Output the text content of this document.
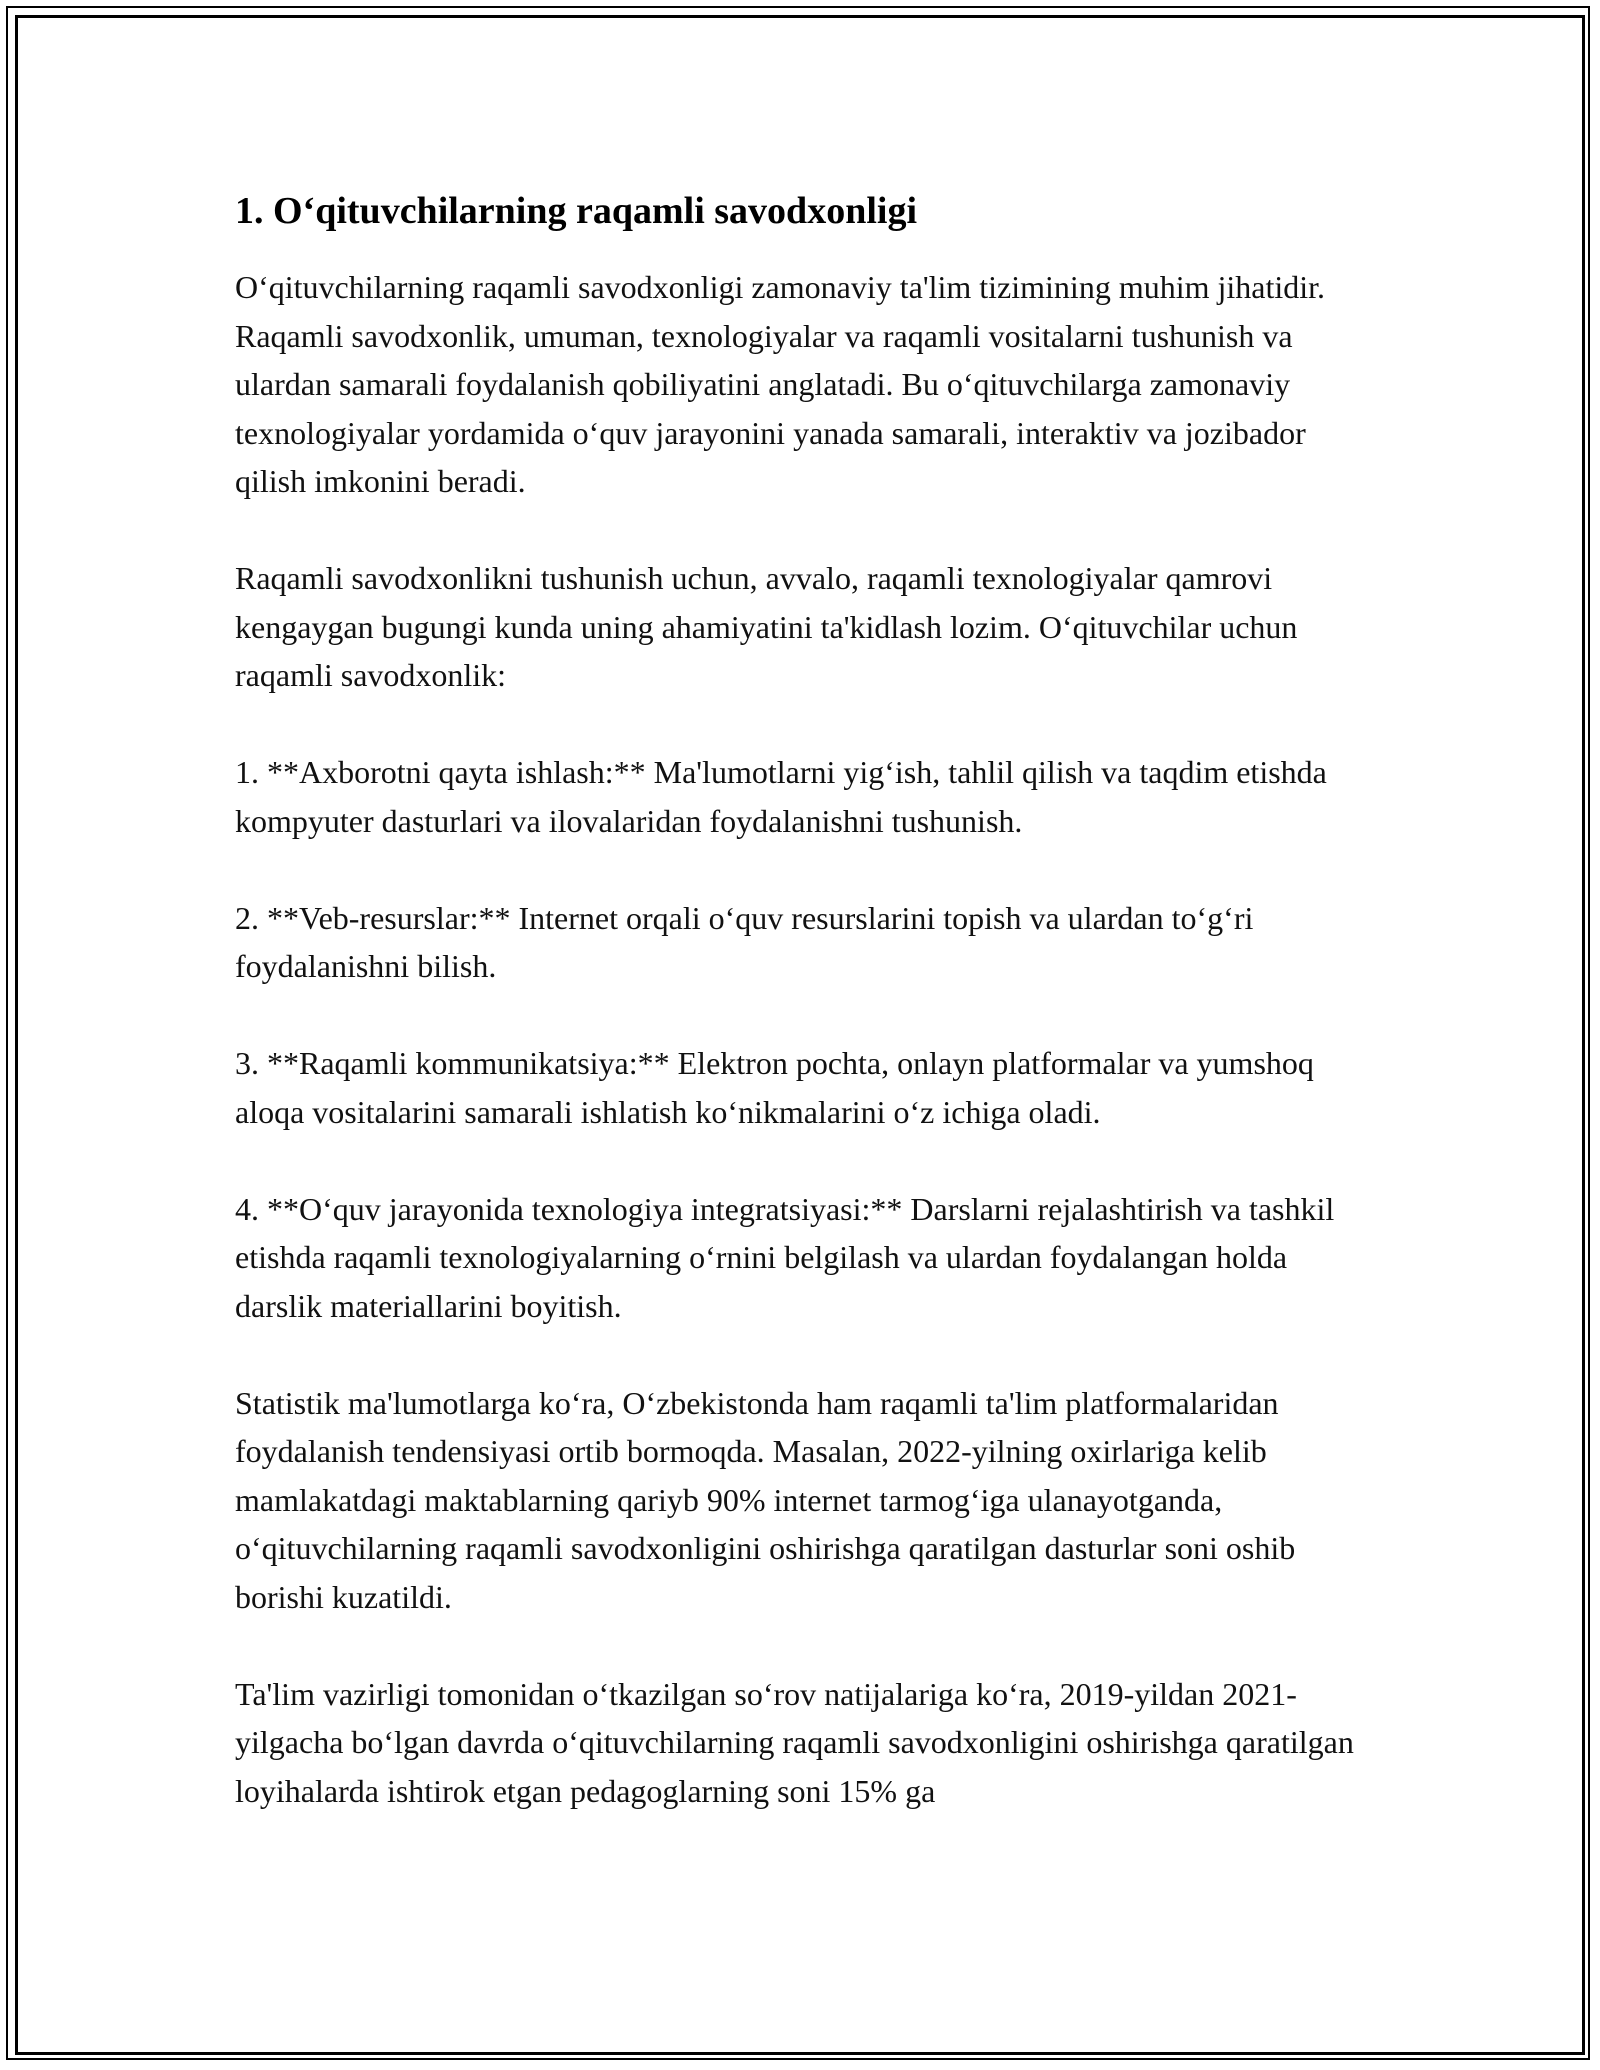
1. O‘qituvchilarning raqamli savodxonligi

O‘qituvchilarning raqamli savodxonligi zamonaviy ta'lim tizimining muhim jihatidir. Raqamli savodxonlik, umuman, texnologiyalar va raqamli vositalarni tushunish va ulardan samarali foydalanish qobiliyatini anglatadi. Bu o‘qituvchilarga zamonaviy texnologiyalar yordamida o‘quv jarayonini yanada samarali, interaktiv va jozibador qilish imkonini beradi.

Raqamli savodxonlikni tushunish uchun, avvalo, raqamli texnologiyalar qamrovi kengaygan bugungi kunda uning ahamiyatini ta'kidlash lozim. O‘qituvchilar uchun raqamli savodxonlik:

1. **Axborotni qayta ishlash:** Ma'lumotlarni yig‘ish, tahlil qilish va taqdim etishda kompyuter dasturlari va ilovalaridan foydalanishni tushunish.

2. **Veb-resurslar:** Internet orqali o‘quv resurslarini topish va ulardan to‘g‘ri foydalanishni bilish.

3. **Raqamli kommunikatsiya:** Elektron pochta, onlayn platformalar va yumshoq aloqa vositalarini samarali ishlatish ko‘nikmalarini o‘z ichiga oladi.

4. **O‘quv jarayonida texnologiya integratsiyasi:** Darslarni rejalashtirish va tashkil etishda raqamli texnologiyalarning o‘rnini belgilash va ulardan foydalangan holda darslik materiallarini boyitish.

Statistik ma'lumotlarga ko‘ra, O‘zbekistonda ham raqamli ta'lim platformalaridan foydalanish tendensiyasi ortib bormoqda. Masalan, 2022-yilning oxirlariga kelib mamlakatdagi maktablarning qariyb 90% internet tarmog‘iga ulanayotganda, o‘qituvchilarning raqamli savodxonligini oshirishga qaratilgan dasturlar soni oshib borishi kuzatildi.

Ta'lim vazirligi tomonidan o‘tkazilgan so‘rov natijalariga ko‘ra, 2019-yildan 2021-yilgacha bo‘lgan davrda o‘qituvchilarning raqamli savodxonligini oshirishga qaratilgan loyihalarda ishtirok etgan pedagoglarning soni 15% ga
